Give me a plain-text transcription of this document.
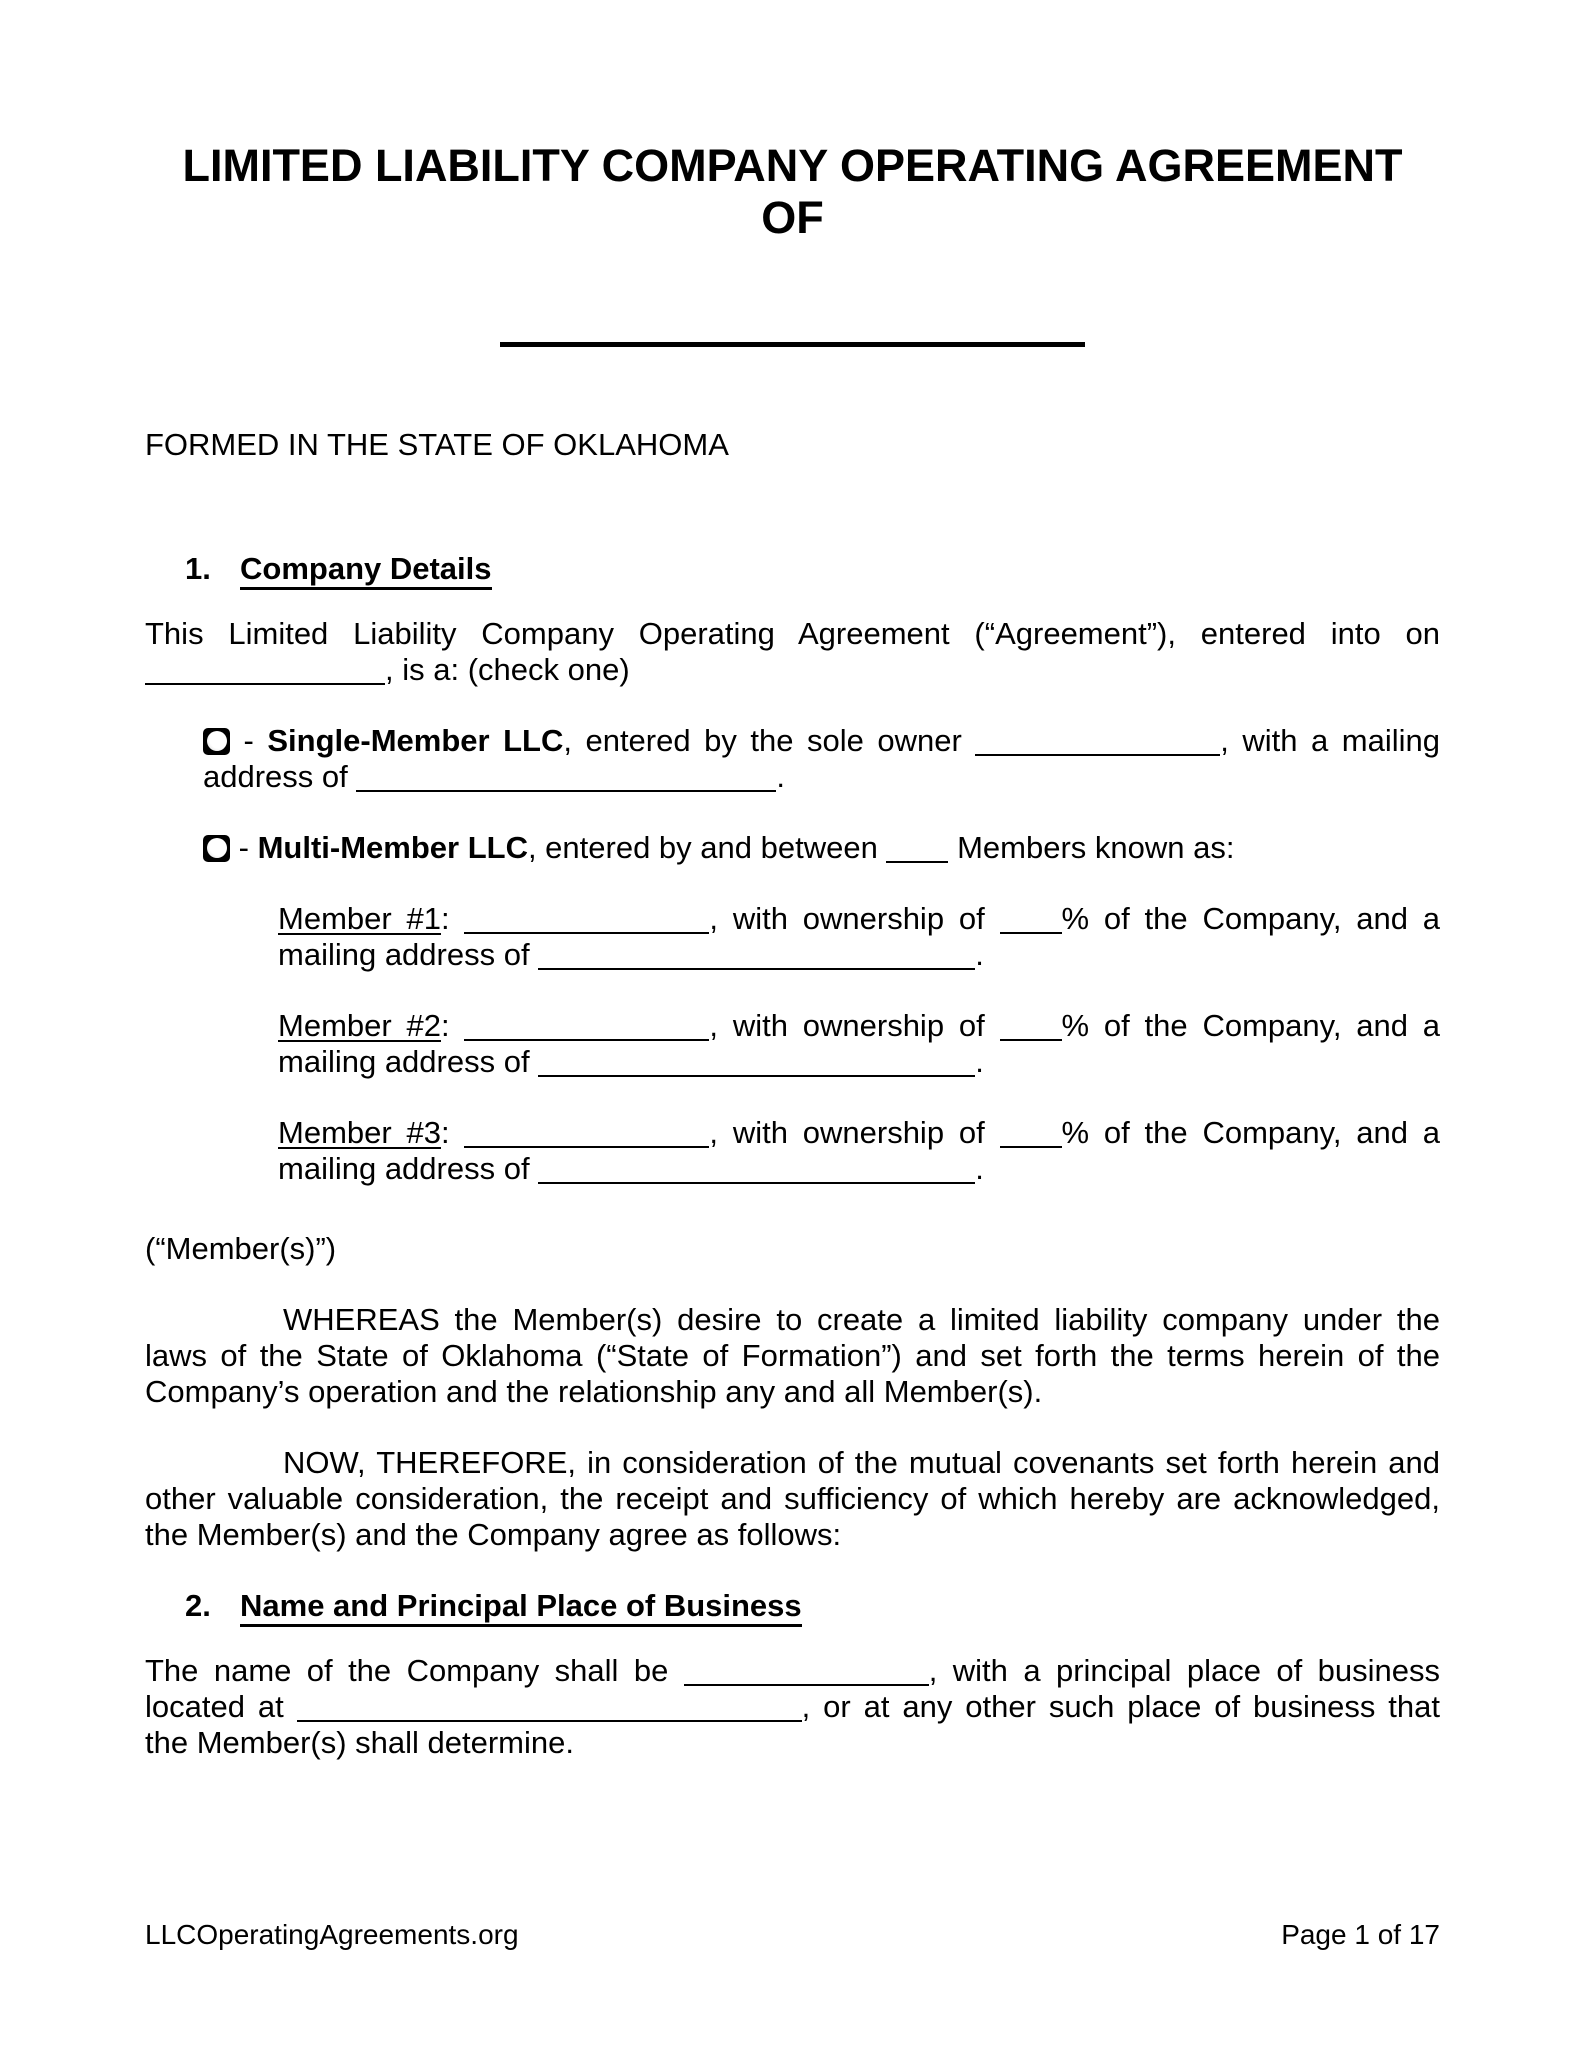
LIMITED LIABILITY COMPANY OPERATING AGREEMENT OF

FORMED IN THE STATE OF OKLAHOMA

1. Company Details

This Limited Liability Company Operating Agreement (“Agreement”), entered into on , is a: (check one)

- Single-Member LLC, entered by the sole owner	, with a mailing address of	.

- Multi-Member LLC, entered by and between	Members known as:

Member #1:	, with ownership of % of the Company, and a mailing address of	.

Member #2:	, with ownership of % of the Company, and a mailing address of	.

Member #3:	, with ownership of % of the Company, and a mailing address of	.

(“Member(s)”)

WHEREAS the Member(s) desire to create a limited liability company under the laws of the State of Oklahoma (“State of Formation”) and set forth the terms herein of the Company’s operation and the relationship any and all Member(s).

NOW, THEREFORE, in consideration of the mutual covenants set forth herein and other valuable consideration, the receipt and sufficiency of which hereby are acknowledged, the Member(s) and the Company agree as follows:

2. Name and Principal Place of Business

The name of the Company shall be	, with a principal place of business located at	, or at any other such place of business that the Member(s) shall determine.

LLCOperatingAgreements.org	Page 1 of 17
